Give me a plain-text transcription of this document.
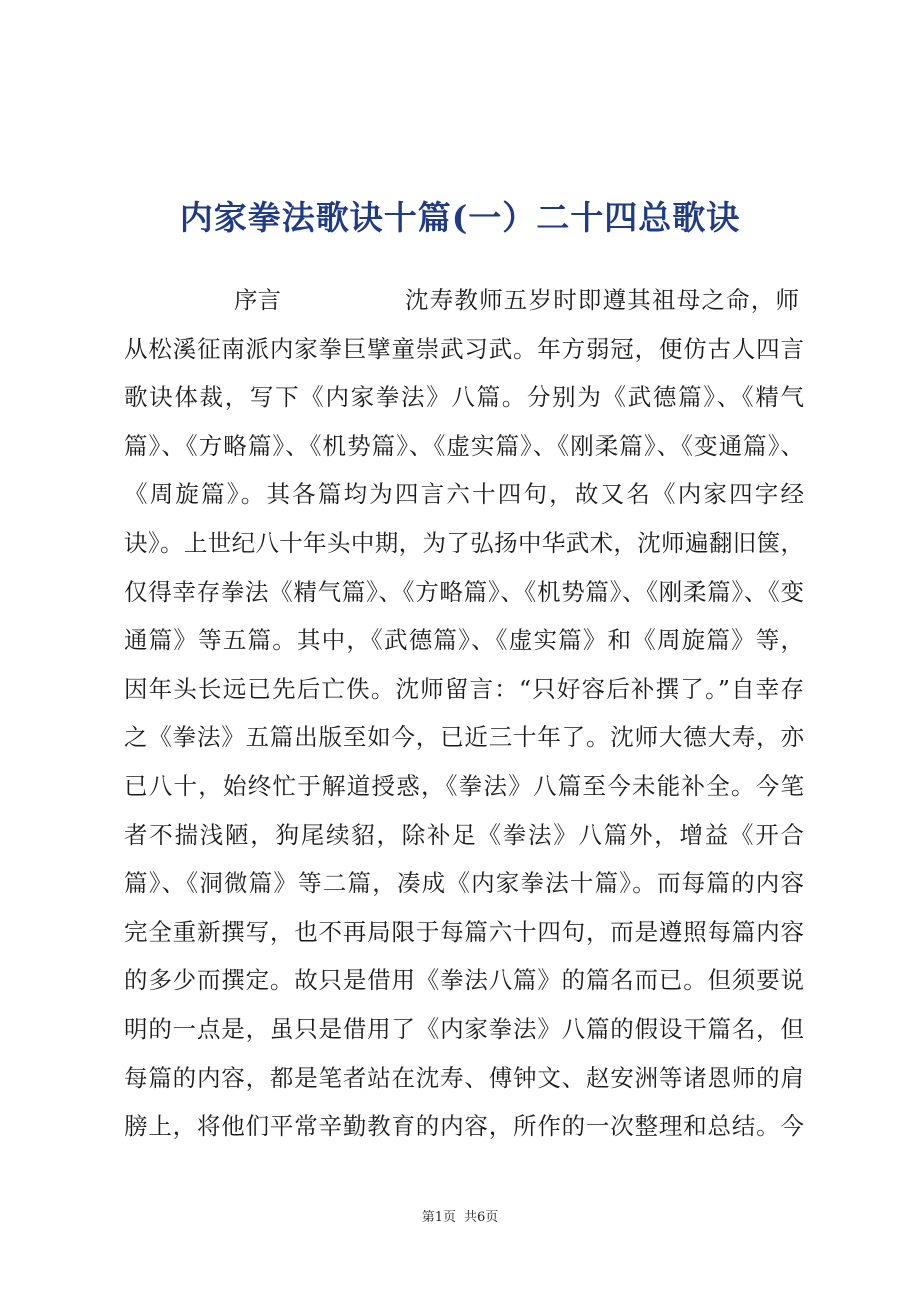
内家拳法歌诀十篇(一）二十四总歌诀
序言	沈寿教师五岁时即遵其祖母之命，师
从松溪征南派内家拳巨擘童崇武习武。年方弱冠，便仿古人四言
歌诀体裁，写下《内家拳法》八篇。分别为《武德篇》、《精气
篇》、《方略篇》、《机势篇》、《虚实篇》、《刚柔篇》、《变通篇》、
《周旋篇》。其各篇均为四言六十四句，故又名《内家四字经
诀》。上世纪八十年头中期，为了弘扬中华武术，沈师遍翻旧箧，
仅得幸存拳法《精气篇》、《方略篇》、《机势篇》、《刚柔篇》、《变
通篇》等五篇。其中，《武德篇》、《虚实篇》和《周旋篇》等，
因年头长远已先后亡佚。沈师留言：“只好容后补撰了。”自幸存
之《拳法》五篇出版至如今，已近三十年了。沈师大德大寿，亦
已八十，始终忙于解道授惑，《拳法》八篇至今未能补全。今笔
者不揣浅陋，狗尾续貂，除补足《拳法》八篇外，增益《开合
篇》、《洞微篇》等二篇，凑成《内家拳法十篇》。而每篇的内容
完全重新撰写，也不再局限于每篇六十四句，而是遵照每篇内容
的多少而撰定。故只是借用《拳法八篇》的篇名而已。但须要说
明的一点是，虽只是借用了《内家拳法》八篇的假设干篇名，但
每篇的内容，都是笔者站在沈寿、傅钟文、赵安洲等诸恩师的肩
膀上，将他们平常辛勤教育的内容，所作的一次整理和总结。今
第1页 共6页
